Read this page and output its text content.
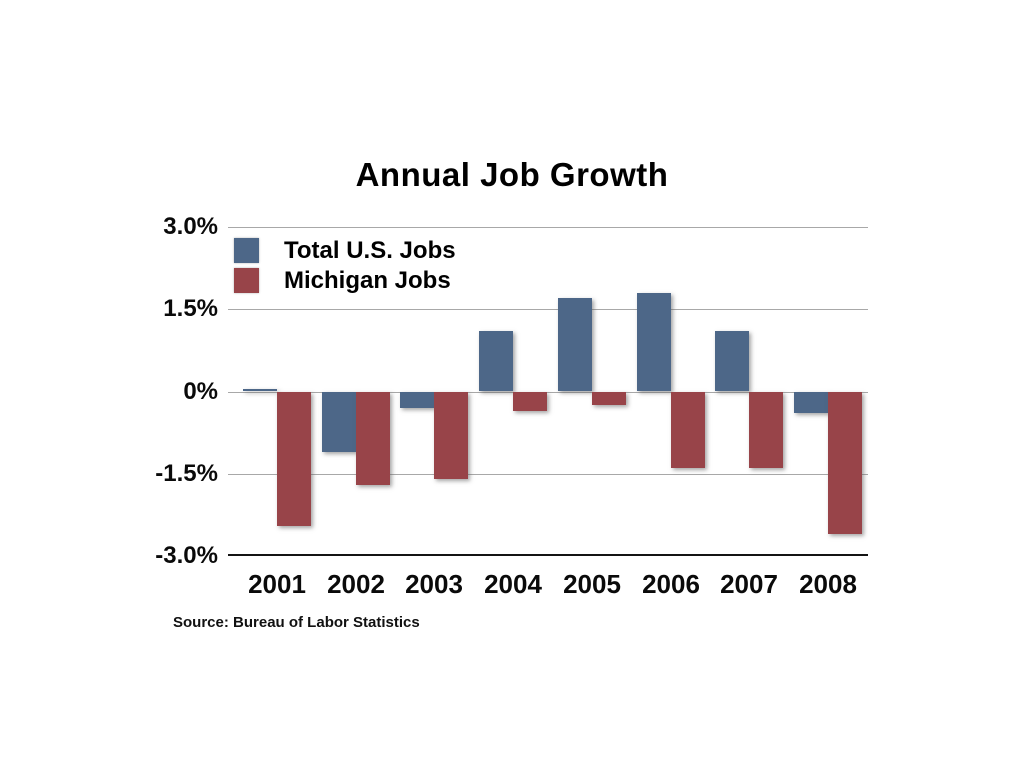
Annual Job Growth
Total U.S. Jobs
Michigan Jobs
Source: Bureau of Labor Statistics
3.0%
1.5%
0%
-1.5%
-3.0%
2001 2002 2003 2004 2005 2006 2007 2008
